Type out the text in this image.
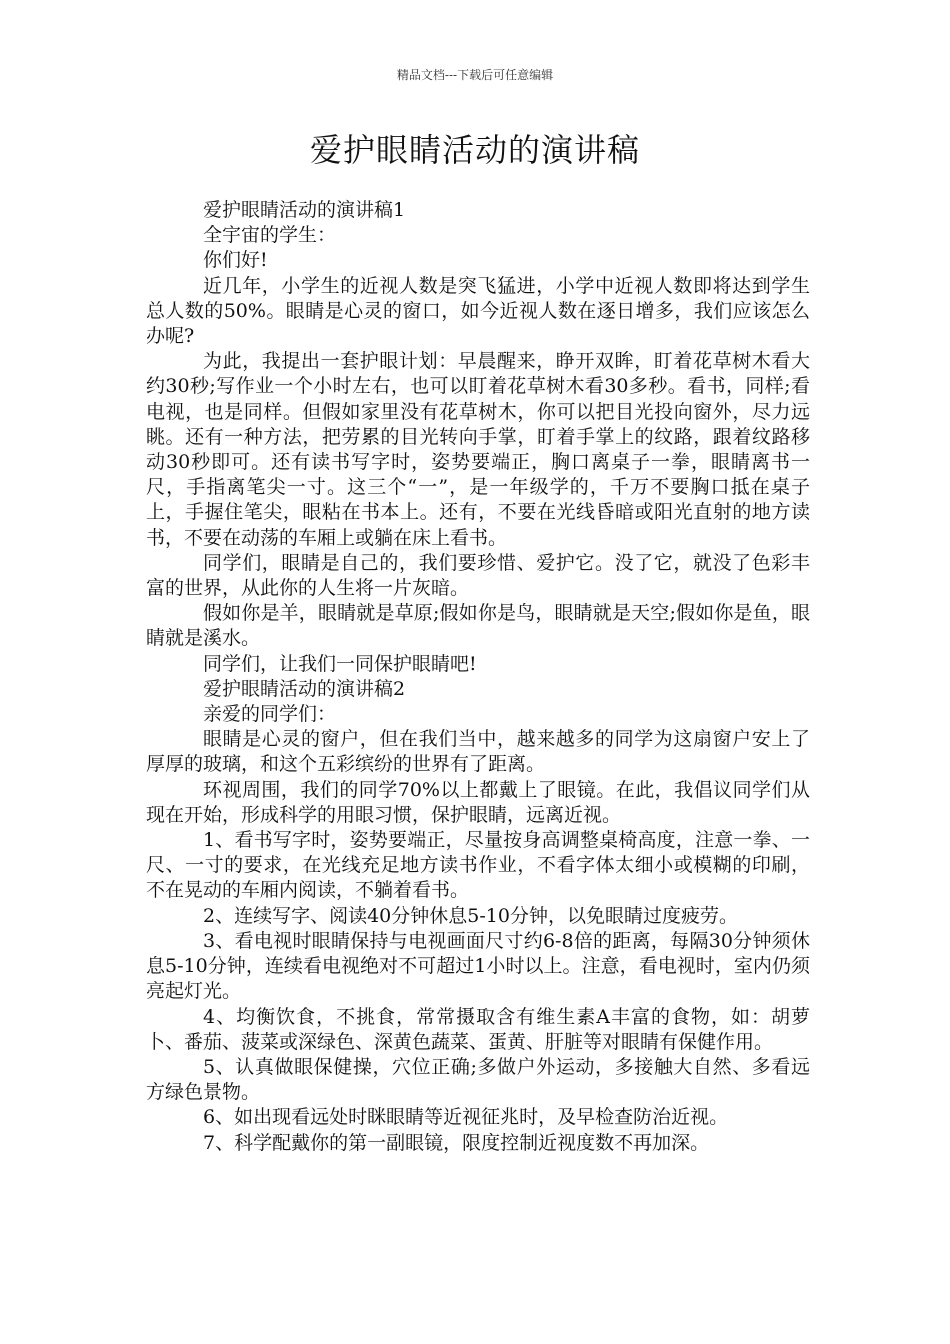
精品文档---下载后可任意编辑
爱护眼睛活动的演讲稿

爱护眼睛活动的演讲稿1

全宇宙的学生：

你们好!

近几年，小学生的近视人数是突飞猛进，小学中近视人数即将达到学生总人数的50%。眼睛是心灵的窗口，如今近视人数在逐日增多，我们应该怎么办呢?

为此，我提出一套护眼计划：早晨醒来，睁开双眸，盯着花草树木看大约30秒;写作业一个小时左右，也可以盯着花草树木看30多秒。看书，同样;看电视，也是同样。但假如家里没有花草树木，你可以把目光投向窗外，尽力远眺。还有一种方法，把劳累的目光转向手掌，盯着手掌上的纹路，跟着纹路移动30秒即可。还有读书写字时，姿势要端正，胸口离桌子一拳，眼睛离书一尺，手指离笔尖一寸。这三个“一”，是一年级学的，千万不要胸口抵在桌子上，手握住笔尖，眼粘在书本上。还有，不要在光线昏暗或阳光直射的地方读书，不要在动荡的车厢上或躺在床上看书。

同学们，眼睛是自己的，我们要珍惜、爱护它。没了它，就没了色彩丰富的世界，从此你的人生将一片灰暗。

假如你是羊，眼睛就是草原;假如你是鸟，眼睛就是天空;假如你是鱼，眼睛就是溪水。

同学们，让我们一同保护眼睛吧!

爱护眼睛活动的演讲稿2

亲爱的同学们：

眼睛是心灵的窗户，但在我们当中，越来越多的同学为这扇窗户安上了厚厚的玻璃，和这个五彩缤纷的世界有了距离。

环视周围，我们的同学70%以上都戴上了眼镜。在此，我倡议同学们从现在开始，形成科学的用眼习惯，保护眼睛，远离近视。

1、看书写字时，姿势要端正，尽量按身高调整桌椅高度，注意一拳、一尺、一寸的要求，在光线充足地方读书作业，不看字体太细小或模糊的印刷，不在晃动的车厢内阅读，不躺着看书。

2、连续写字、阅读40分钟休息5-10分钟，以免眼睛过度疲劳。

3、看电视时眼睛保持与电视画面尺寸约6-8倍的距离，每隔30分钟须休息5-10分钟，连续看电视绝对不可超过1小时以上。注意，看电视时，室内仍须亮起灯光。

4、均衡饮食，不挑食，常常摄取含有维生素A丰富的食物，如：胡萝卜、番茄、菠菜或深绿色、深黄色蔬菜、蛋黄、肝脏等对眼睛有保健作用。

5、认真做眼保健操，穴位正确;多做户外运动，多接触大自然、多看远方绿色景物。

6、如出现看远处时眯眼睛等近视征兆时，及早检查防治近视。

7、科学配戴你的第一副眼镜，限度控制近视度数不再加深。
